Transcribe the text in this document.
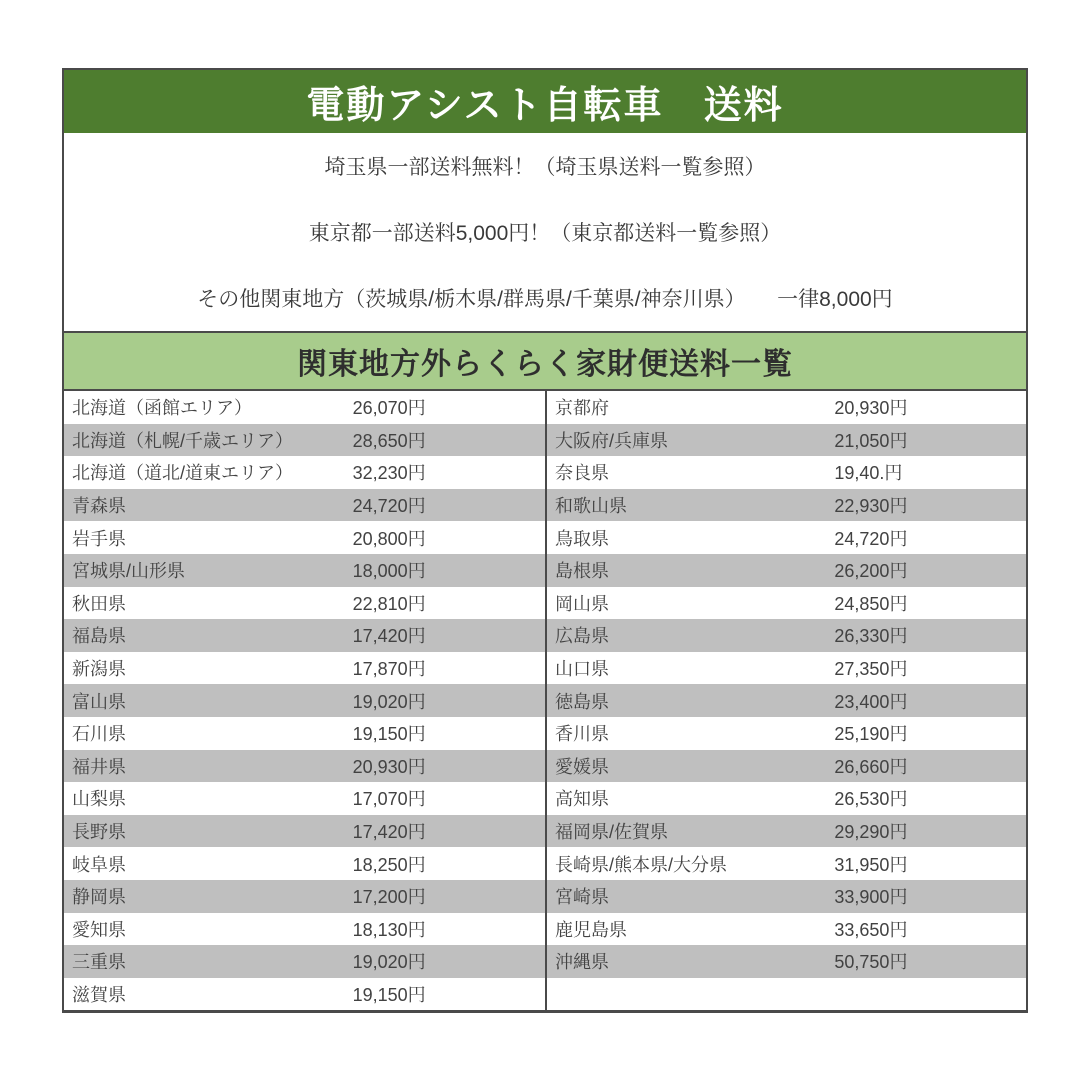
電動アシスト自転車　送料
埼玉県一部送料無料！（埼玉県送料一覧参照）
東京都一部送料5,000円！（東京都送料一覧参照）
その他関東地方（茨城県/栃木県/群馬県/千葉県/神奈川県）　　一律8,000円
関東地方外らくらく家財便送料一覧
北海道（函館エリア）	26,070円
北海道（札幌/千歳エリア）	28,650円
北海道（道北/道東エリア）	32,230円
青森県	24,720円
岩手県	20,800円
宮城県/山形県	18,000円
秋田県	22,810円
福島県	17,420円
新潟県	17,870円
富山県	19,020円
石川県	19,150円
福井県	20,930円
山梨県	17,070円
長野県	17,420円
岐阜県	18,250円
静岡県	17,200円
愛知県	18,130円
三重県	19,020円
滋賀県	19,150円
京都府	20,930円
大阪府/兵庫県	21,050円
奈良県	19,40.円
和歌山県	22,930円
鳥取県	24,720円
島根県	26,200円
岡山県	24,850円
広島県	26,330円
山口県	27,350円
徳島県	23,400円
香川県	25,190円
愛媛県	26,660円
高知県	26,530円
福岡県/佐賀県	29,290円
長崎県/熊本県/大分県	31,950円
宮崎県	33,900円
鹿児島県	33,650円
沖縄県	50,750円
